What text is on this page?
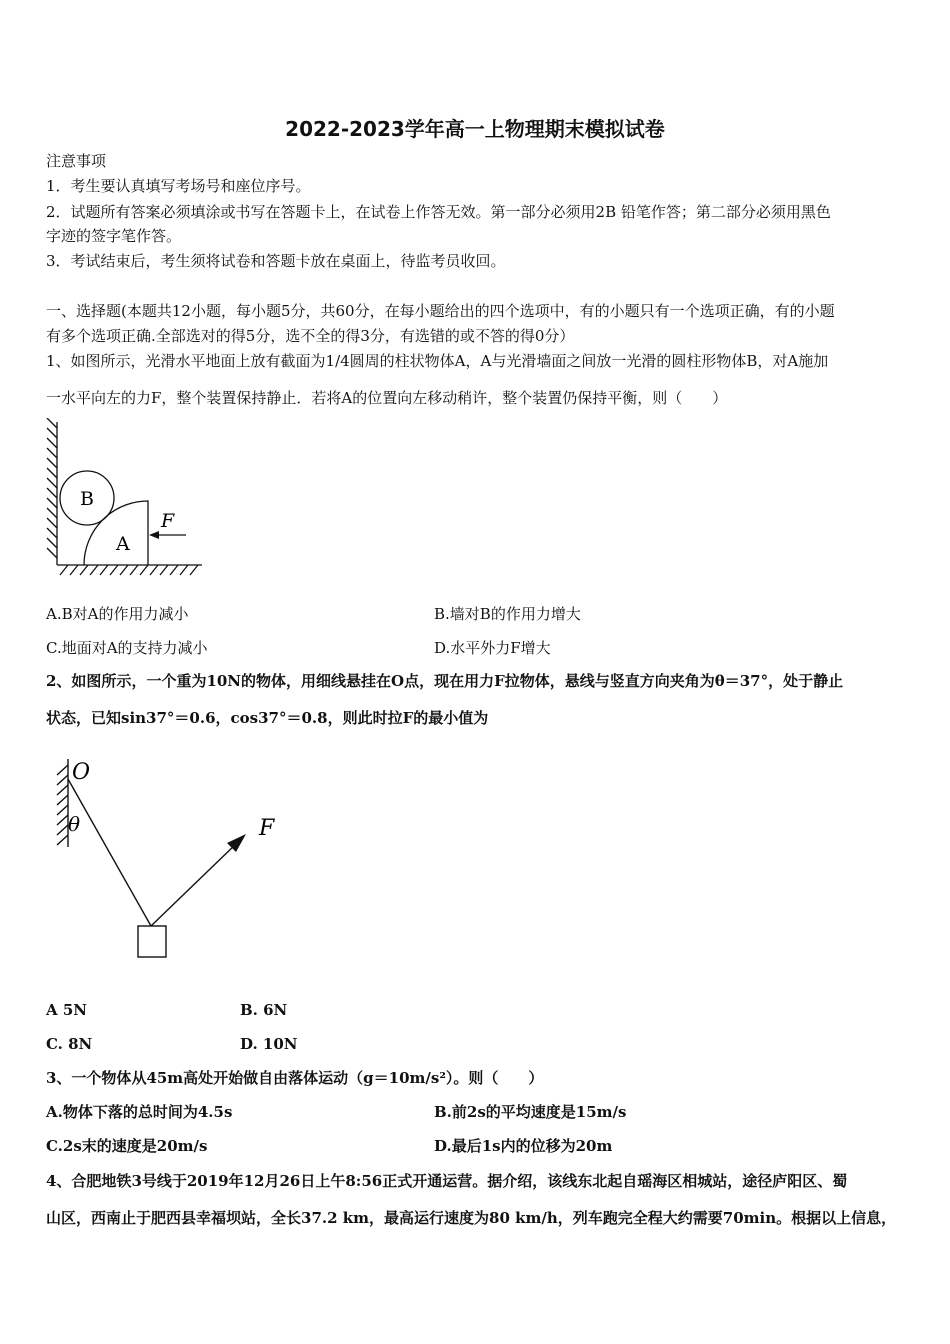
2022-2023学年高一上物理期末模拟试卷
注意事项
1．考生要认真填写考场号和座位序号。
2．试题所有答案必须填涂或书写在答题卡上，在试卷上作答无效。第一部分必须用2B 铅笔作答；第二部分必须用黑色
字迹的签字笔作答。
3．考试结束后，考生须将试卷和答题卡放在桌面上，待监考员收回。
一、选择题(本题共12小题，每小题5分，共60分，在每小题给出的四个选项中，有的小题只有一个选项正确，有的小题
有多个选项正确.全部选对的得5分，选不全的得3分，有选错的或不答的得0分）
1、如图所示，光滑水平地面上放有截面为1/4圆周的柱状物体A，A与光滑墙面之间放一光滑的圆柱形物体B，对A施加
一水平向左的力F，整个装置保持静止．若将A的位置向左移动稍许，整个装置仍保持平衡，则（　　）
B
A
F
A.B对A的作用力减小	B.墙对B的作用力增大
C.地面对A的支持力减小	D.水平外力F增大
2、如图所示，一个重为10N的物体，用细线悬挂在O点，现在用力F拉物体，悬线与竖直方向夹角为θ＝37°，处于静止
状态，已知sin37°＝0.6，cos37°＝0.8，则此时拉F的最小值为
O
θ	F
A 5N	B. 6N
C. 8N	D. 10N
3、一个物体从45m高处开始做自由落体运动（g＝10m/s²）。则（　　）
A.物体下落的总时间为4.5s	B.前2s的平均速度是15m/s
C.2s末的速度是20m/s	D.最后1s内的位移为20m
4、合肥地铁3号线于2019年12月26日上午8:56正式开通运营。据介绍，该线东北起自瑶海区相城站，途径庐阳区、蜀
山区，西南止于肥西县幸福坝站，全长37.2 km，最高运行速度为80 km/h，列车跑完全程大约需要70min。根据以上信息，
